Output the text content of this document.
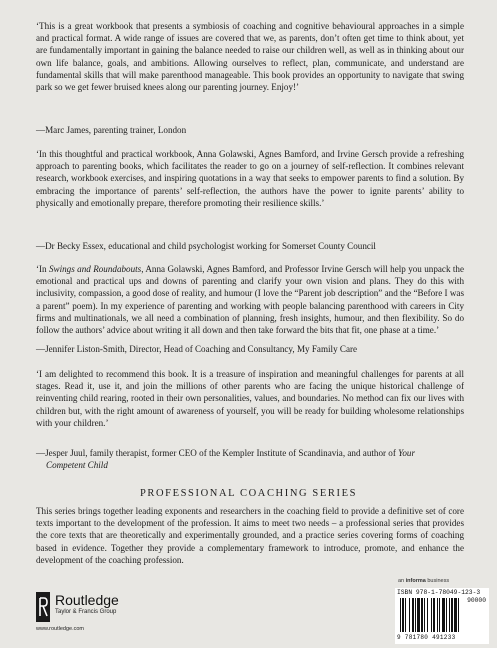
‘This is a great workbook that presents a symbiosis of coaching and cognitive behavioural approaches in a simple and practical format. A wide range of issues are covered that we, as parents, don’t often get time to think about, yet are fundamentally important in gaining the balance needed to raise our children well, as well as in thinking about our own life balance, goals, and ambitions. Allowing ourselves to reflect, plan, communicate, and understand are fundamental skills that will make parenthood manageable. This book provides an opportunity to navigate that swing park so we get fewer bruised knees along our parenting journey. Enjoy!’

—Marc James, parenting trainer, London

‘In this thoughtful and practical workbook, Anna Golawski, Agnes Bamford, and Irvine Gersch provide a refreshing approach to parenting books, which facilitates the reader to go on a journey of self-reflection. It combines relevant research, workbook exercises, and inspiring quotations in a way that seeks to empower parents to find a solution. By embracing the importance of parents’ self-reflection, the authors have the power to ignite parents’ ability to physically and emotionally prepare, therefore promoting their resilience skills.’

—Dr Becky Essex, educational and child psychologist working for Somerset County Council

‘In Swings and Roundabouts, Anna Golawski, Agnes Bamford, and Professor Irvine Gersch will help you unpack the emotional and practical ups and downs of parenting and clarify your own vision and plans. They do this with inclusivity, compassion, a good dose of reality, and humour (I love the “Parent job description” and the “Before I was a parent” poem). In my experience of parenting and working with people balancing parenthood with careers in City firms and multinationals, we all need a combination of planning, fresh insights, humour, and then flexibility. So do follow the authors’ advice about writing it all down and then take forward the bits that fit, one phase at a time.’

—Jennifer Liston-Smith, Director, Head of Coaching and Consultancy, My Family Care

‘I am delighted to recommend this book. It is a treasure of inspiration and meaningful challenges for parents at all stages. Read it, use it, and join the millions of other parents who are facing the unique historical challenge of reinventing child rearing, rooted in their own personalities, values, and boundaries. No method can fix our lives with children but, with the right amount of awareness of yourself, you will be ready for building wholesome relationships with your children.’

—Jesper Juul, family therapist, former CEO of the Kempler Institute of Scandinavia, and author of Your
Competent Child
PROFESSIONAL COACHING SERIES

This series brings together leading exponents and researchers in the coaching field to provide a definitive set of core texts important to the development of the profession. It aims to meet two needs – a professional series that provides the core texts that are theoretically and experimentally grounded, and a practice series covering forms of coaching based in evidence. Together they provide a complementary framework to introduce, promote, and enhance the development of the coaching profession.

an informa business
Routledge
Taylor & Francis Group
www.routledge.com
ISBN 978-1-78049-123-3
90000
9 781780 491233
